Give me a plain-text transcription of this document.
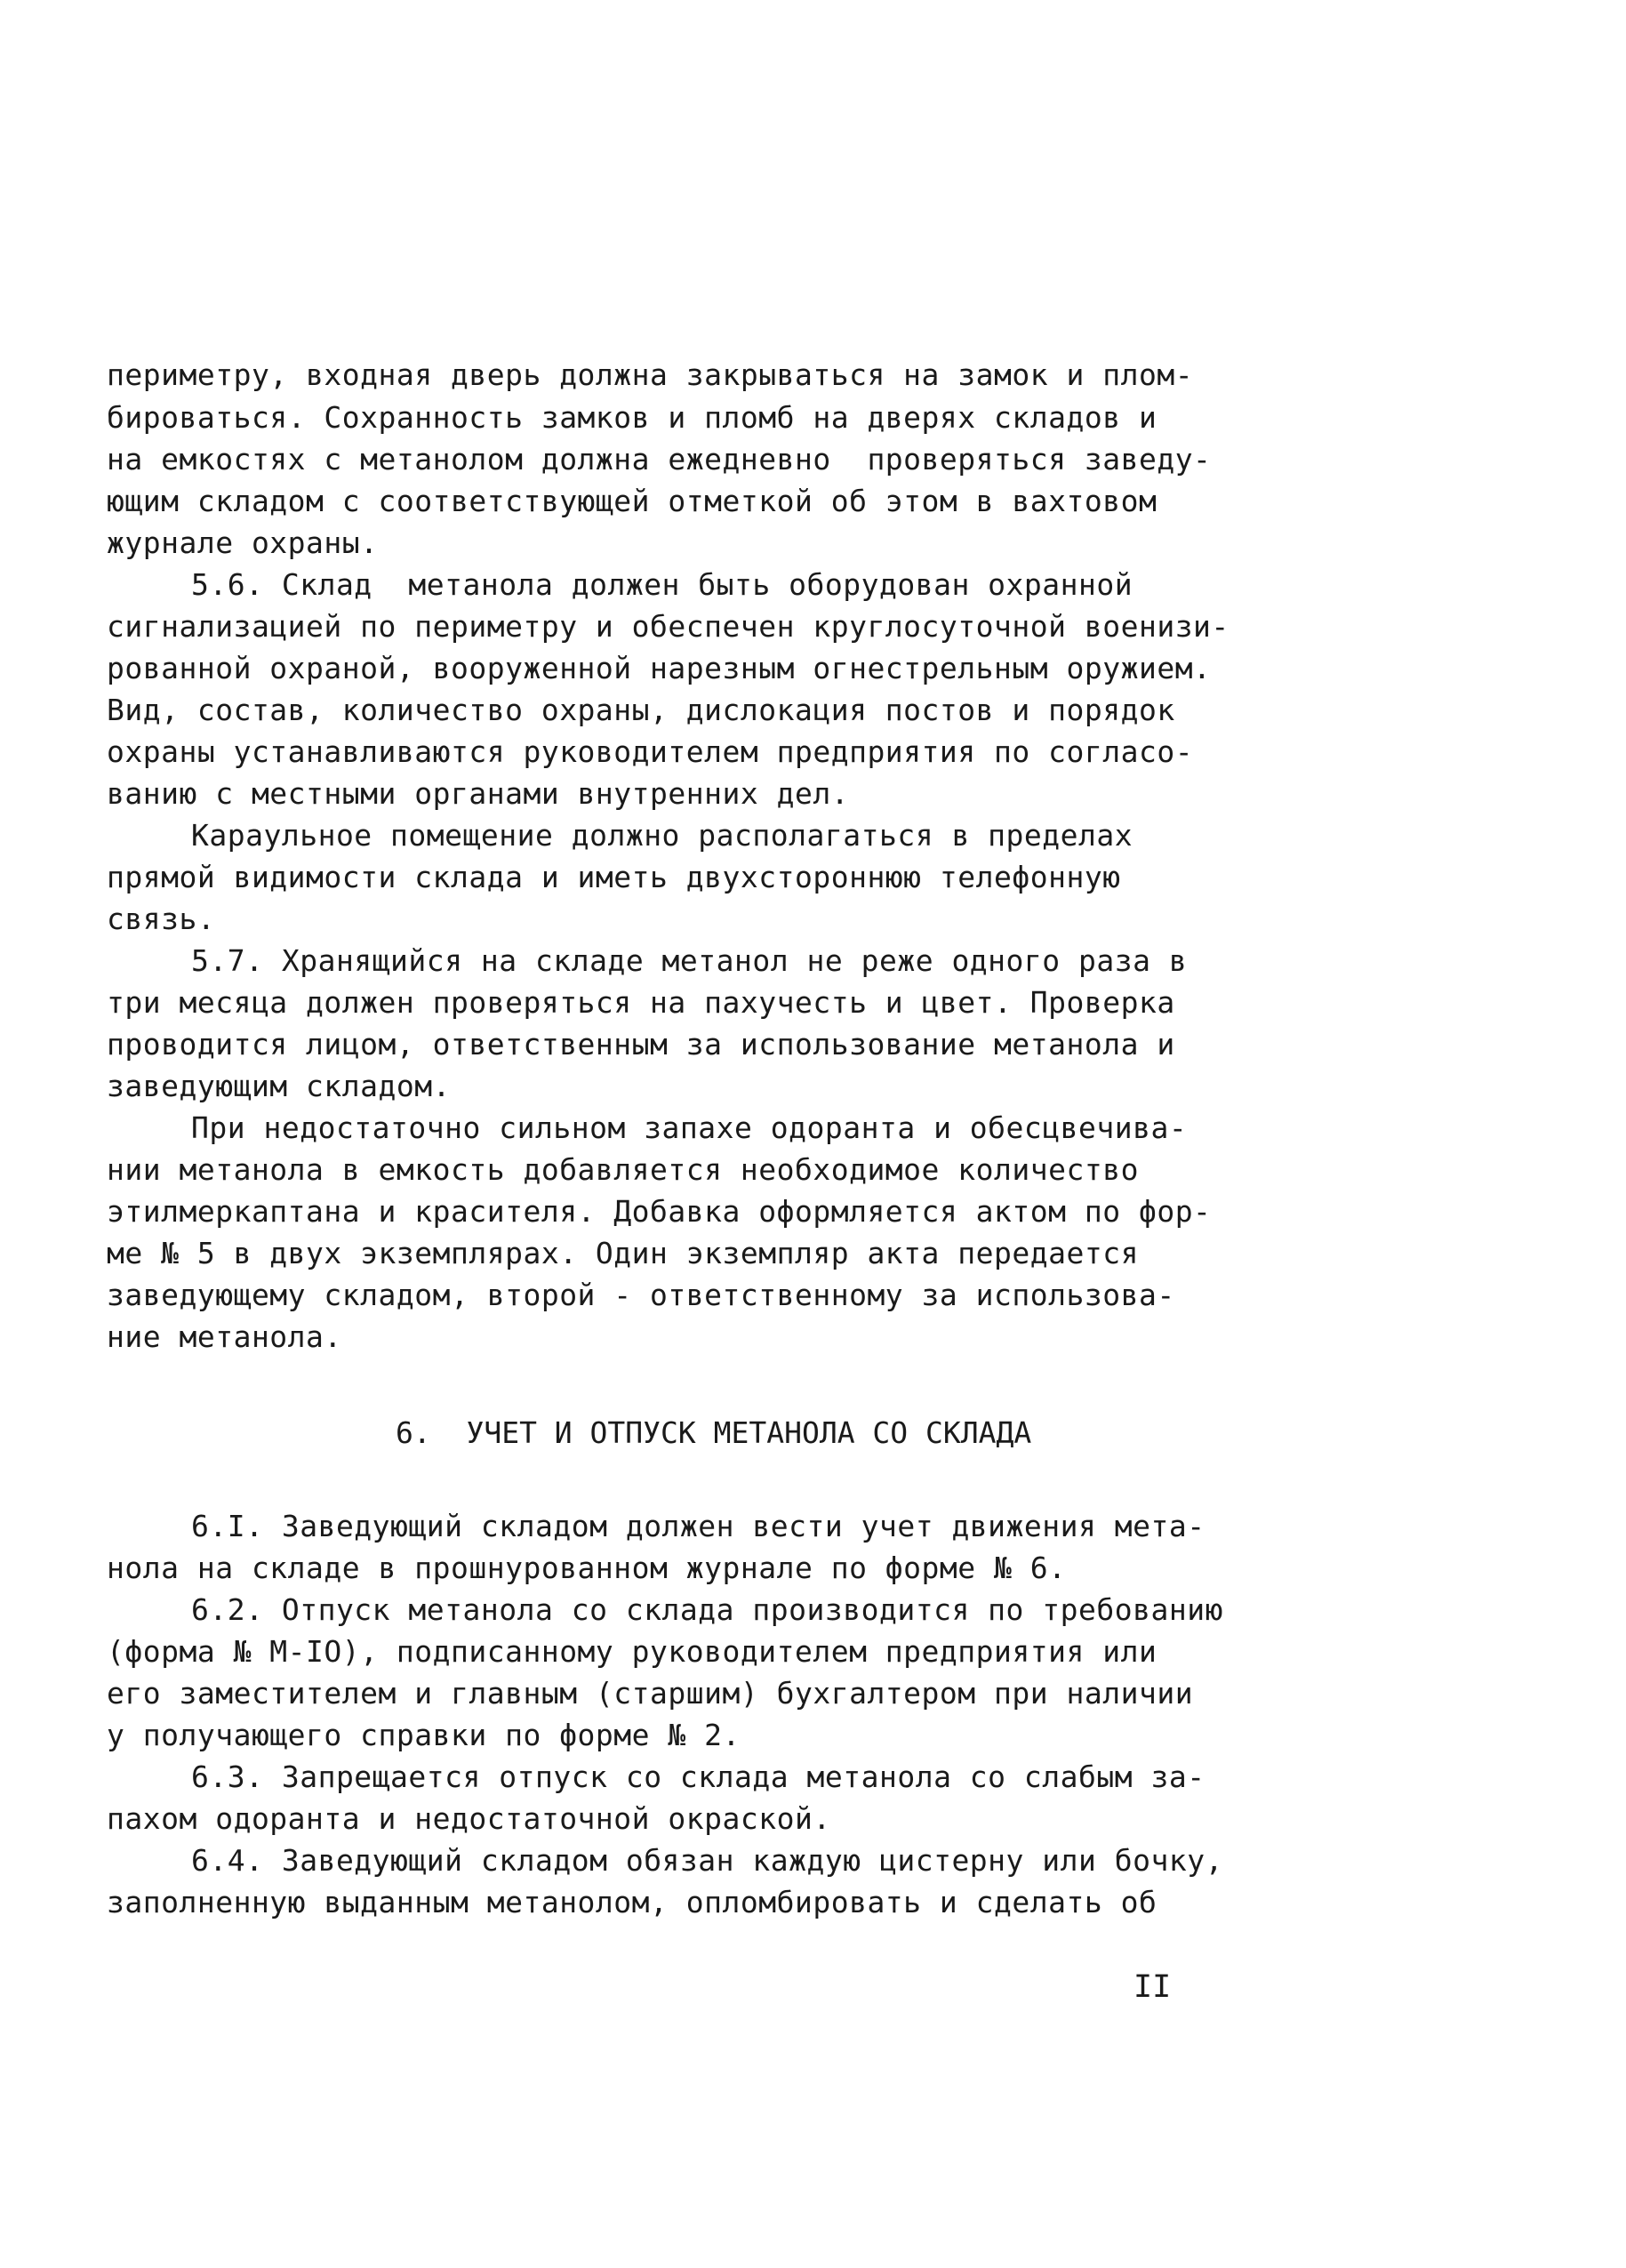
периметру, входная дверь должна закрываться на замок и плом-

бироваться. Сохранность замков и пломб на дверях складов и

на емкостях с метанолом должна ежедневно  проверяться заведу-

ющим складом с соответствующей отметкой об этом в вахтовом

журнале охраны.

5.6. Склад  метанола должен быть оборудован охранной

сигнализацией по периметру и обеспечен круглосуточной военизи-

рованной охраной, вооруженной нарезным огнестрельным оружием.

Вид, состав, количество охраны, дислокация постов и порядок

охраны устанавливаются руководителем предприятия по согласо-

ванию с местными органами внутренних дел.

Караульное помещение должно располагаться в пределах

прямой видимости склада и иметь двухстороннюю телефонную

связь.

5.7. Хранящийся на складе метанол не реже одного раза в

три месяца должен проверяться на пахучесть и цвет. Проверка

проводится лицом, ответственным за использование метанола и

заведующим складом.

При недостаточно сильном запахе одоранта и обесцвечива-

нии метанола в емкость добавляется необходимое количество

этилмеркаптана и красителя. Добавка оформляется актом по фор-

ме № 5 в двух экземплярах. Один экземпляр акта передается

заведующему складом, второй - ответственному за использова-

ние метанола.

6.  УЧЕТ И ОТПУСК МЕТАНОЛА СО СКЛАДА

6.I. Заведующий складом должен вести учет движения мета-

нола на складе в прошнурованном журнале по форме № 6.

6.2. Отпуск метанола со склада производится по требованию

(форма № М-IO), подписанному руководителем предприятия или

его заместителем и главным (старшим) бухгалтером при наличии

у получающего справки по форме № 2.

6.3. Запрещается отпуск со склада метанола со слабым за-

пахом одоранта и недостаточной окраской.

6.4. Заведующий складом обязан каждую цистерну или бочку,

заполненную выданным метанолом, опломбировать и сделать об

II
